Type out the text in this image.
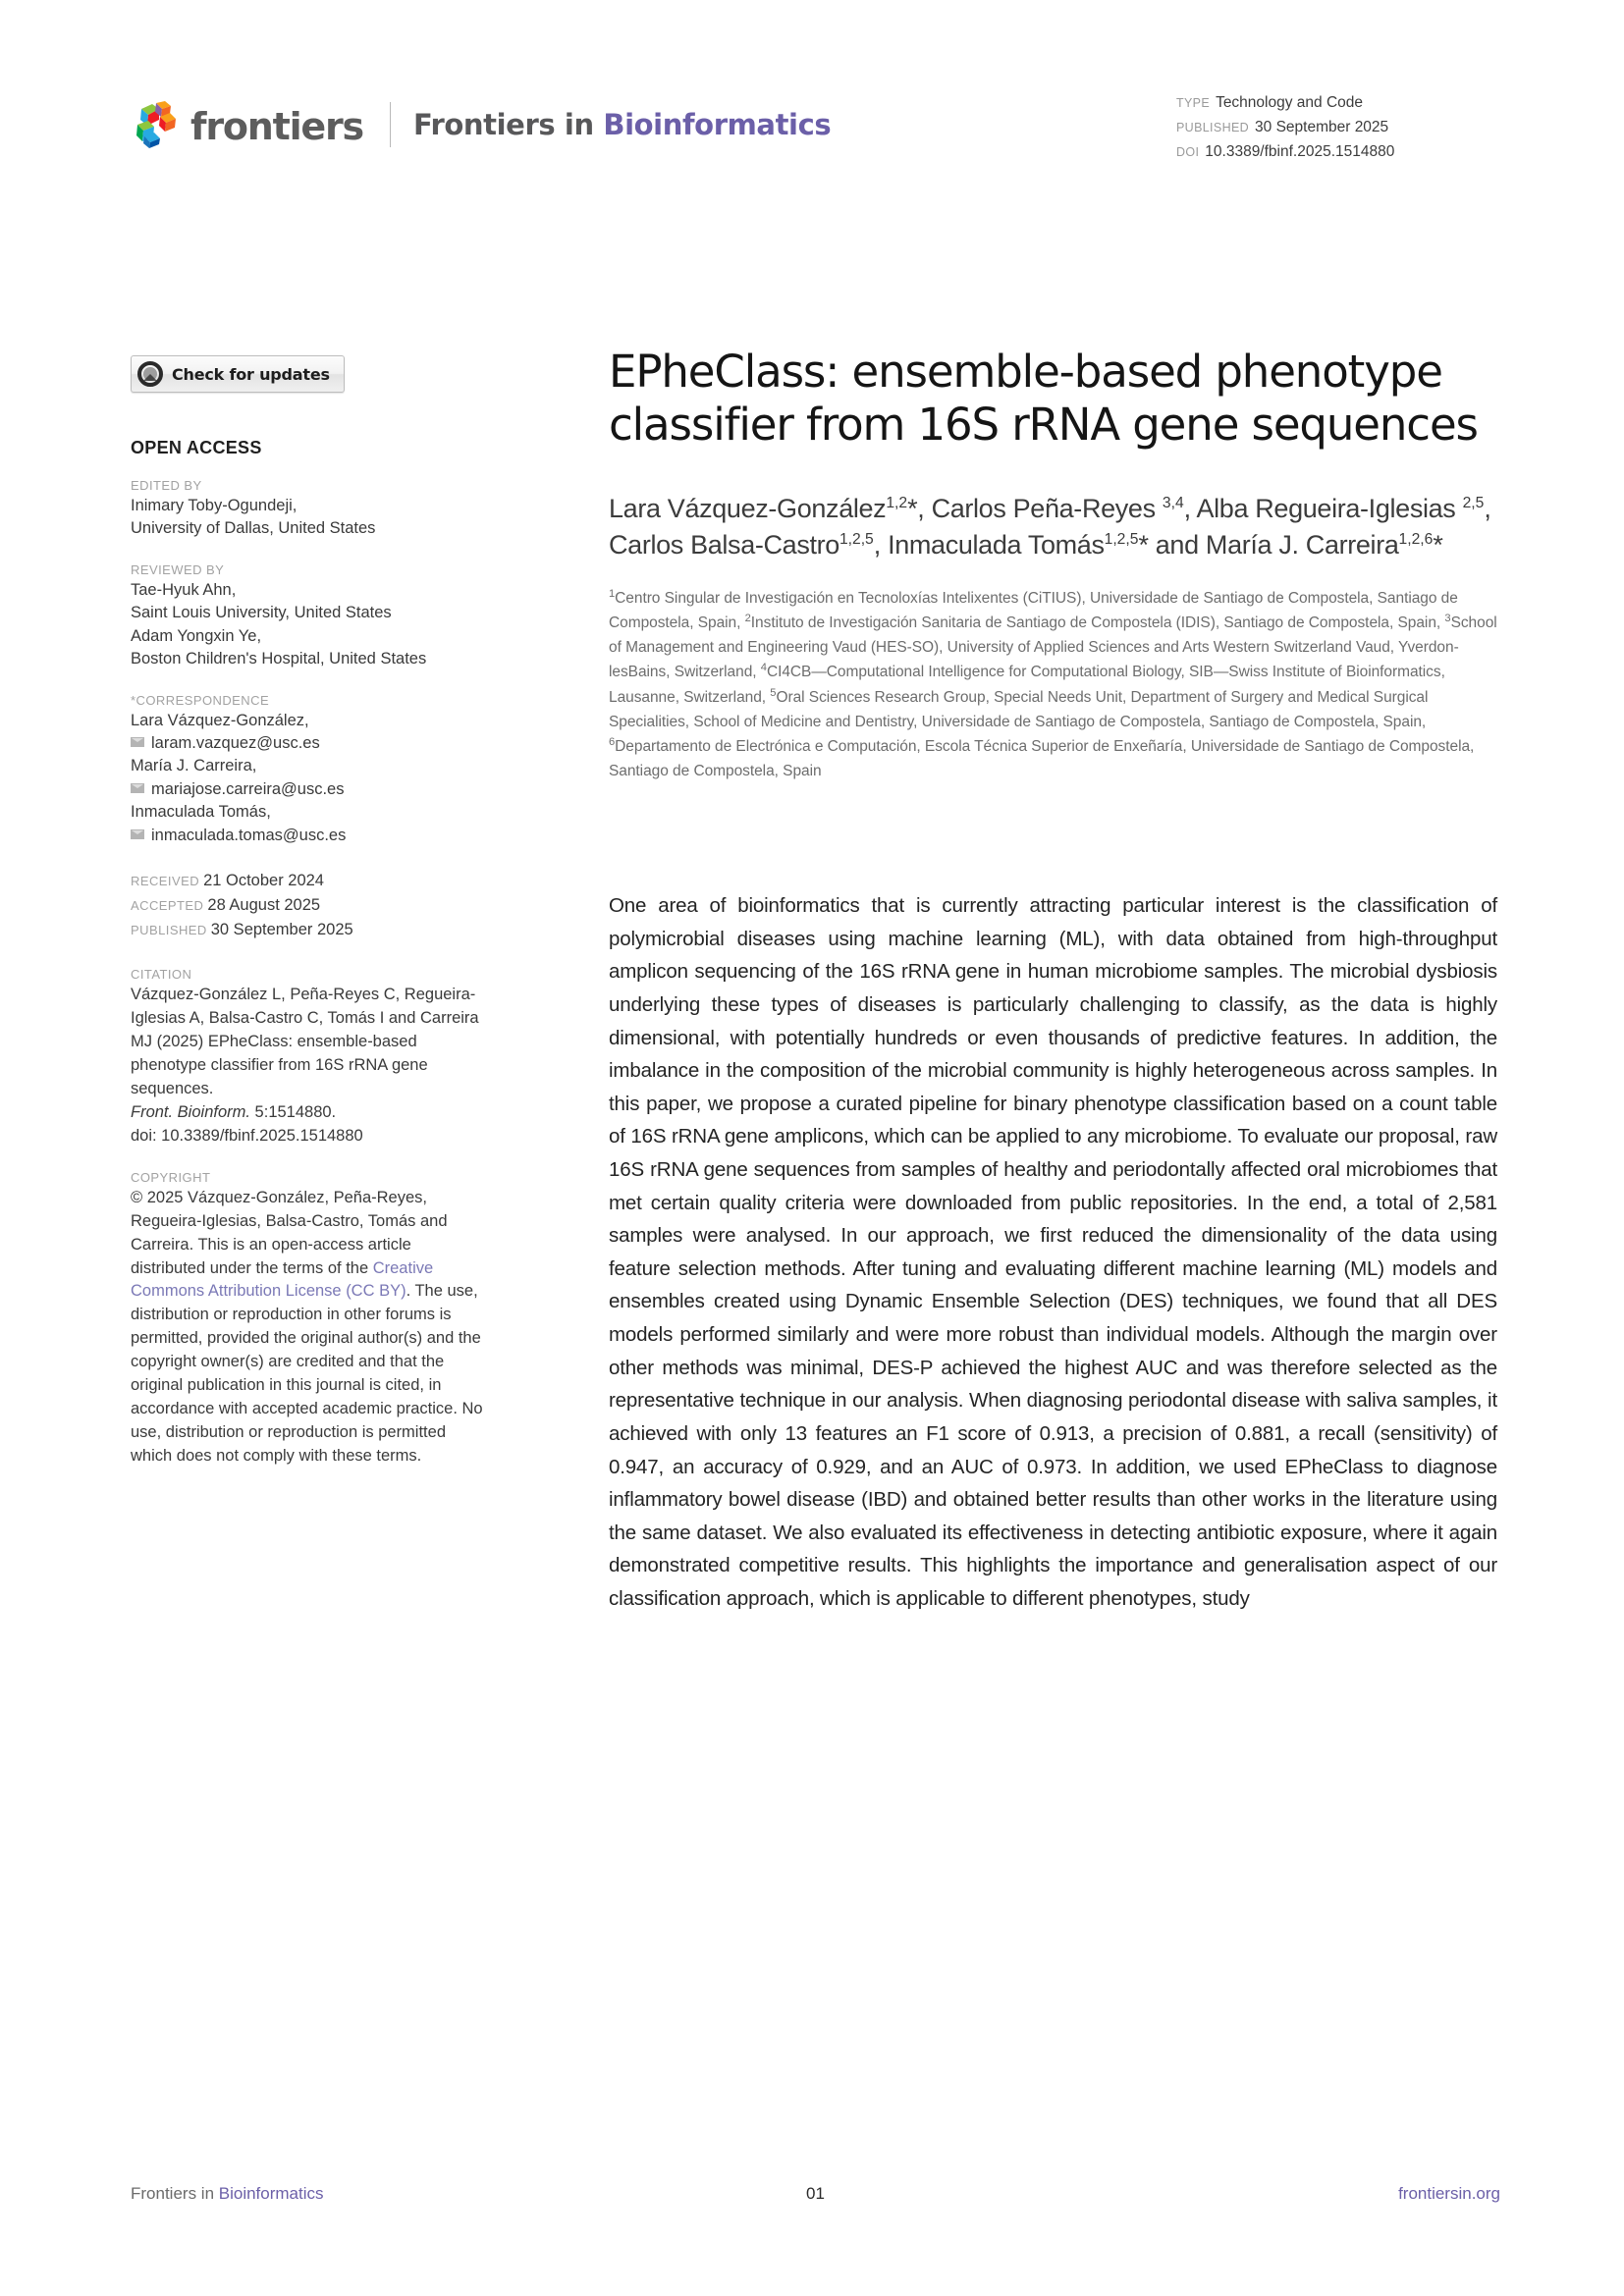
frontiers Frontiers in Bioinformatics
TYPE Technology and Code
PUBLISHED 30 September 2025
DOI 10.3389/fbinf.2025.1514880
Check for updates
OPEN ACCESS
EDITED BY
Inimary Toby-Ogundeji,
University of Dallas, United States
REVIEWED BY
Tae-Hyuk Ahn,
Saint Louis University, United States
Adam Yongxin Ye,
Boston Children's Hospital, United States
*CORRESPONDENCE
Lara Vázquez-González,
laram.vazquez@usc.es
María J. Carreira,
mariajose.carreira@usc.es
Inmaculada Tomás,
inmaculada.tomas@usc.es
RECEIVED 21 October 2024
ACCEPTED 28 August 2025
PUBLISHED 30 September 2025
CITATION
Vázquez-González L, Peña-Reyes C, Regueira-Iglesias A, Balsa-Castro C, Tomás I and Carreira MJ (2025) EPheClass: ensemble-based phenotype classifier from 16S rRNA gene sequences.
Front. Bioinform. 5:1514880.
doi: 10.3389/fbinf.2025.1514880
COPYRIGHT
© 2025 Vázquez-González, Peña-Reyes, Regueira-Iglesias, Balsa-Castro, Tomás and Carreira. This is an open-access article distributed under the terms of the Creative Commons Attribution License (CC BY). The use, distribution or reproduction in other forums is permitted, provided the original author(s) and the copyright owner(s) are credited and that the original publication in this journal is cited, in accordance with accepted academic practice. No use, distribution or reproduction is permitted which does not comply with these terms.
EPheClass: ensemble-based phenotype classifier from 16S rRNA gene sequences
Lara Vázquez-González$^{1,2}$*, Carlos Peña-Reyes $^{3,4}$, Alba Regueira-Iglesias $^{2,5}$, Carlos Balsa-Castro$^{1,2,5}$, Inmaculada Tomás$^{1,2,5}$* and María J. Carreira$^{1,2,6}$*
$^1$Centro Singular de Investigación en Tecnoloxías Intelixentes (CiTIUS), Universidade de Santiago de Compostela, Santiago de Compostela, Spain, $^2$Instituto de Investigación Sanitaria de Santiago de Compostela (IDIS), Santiago de Compostela, Spain, $^3$School of Management and Engineering Vaud (HES-SO), University of Applied Sciences and Arts Western Switzerland Vaud, Yverdon-lesBains, Switzerland, $^4$CI4CB—Computational Intelligence for Computational Biology, SIB—Swiss Institute of Bioinformatics, Lausanne, Switzerland, $^5$Oral Sciences Research Group, Special Needs Unit, Department of Surgery and Medical Surgical Specialities, School of Medicine and Dentistry, Universidade de Santiago de Compostela, Santiago de Compostela, Spain, $^6$Departamento de Electrónica e Computación, Escola Técnica Superior de Enxeñaría, Universidade de Santiago de Compostela, Santiago de Compostela, Spain
One area of bioinformatics that is currently attracting particular interest is the classification of polymicrobial diseases using machine learning (ML), with data obtained from high-throughput amplicon sequencing of the 16S rRNA gene in human microbiome samples. The microbial dysbiosis underlying these types of diseases is particularly challenging to classify, as the data is highly dimensional, with potentially hundreds or even thousands of predictive features. In addition, the imbalance in the composition of the microbial community is highly heterogeneous across samples. In this paper, we propose a curated pipeline for binary phenotype classification based on a count table of 16S rRNA gene amplicons, which can be applied to any microbiome. To evaluate our proposal, raw 16S rRNA gene sequences from samples of healthy and periodontally affected oral microbiomes that met certain quality criteria were downloaded from public repositories. In the end, a total of 2,581 samples were analysed. In our approach, we first reduced the dimensionality of the data using feature selection methods. After tuning and evaluating different machine learning (ML) models and ensembles created using Dynamic Ensemble Selection (DES) techniques, we found that all DES models performed similarly and were more robust than individual models. Although the margin over other methods was minimal, DES-P achieved the highest AUC and was therefore selected as the representative technique in our analysis. When diagnosing periodontal disease with saliva samples, it achieved with only 13 features an F1 score of 0.913, a precision of 0.881, a recall (sensitivity) of 0.947, an accuracy of 0.929, and an AUC of 0.973. In addition, we used EPheClass to diagnose inflammatory bowel disease (IBD) and obtained better results than other works in the literature using the same dataset. We also evaluated its effectiveness in detecting antibiotic exposure, where it again demonstrated competitive results. This highlights the importance and generalisation aspect of our classification approach, which is applicable to different phenotypes, study
Frontiers in Bioinformatics	01	frontiersin.org
